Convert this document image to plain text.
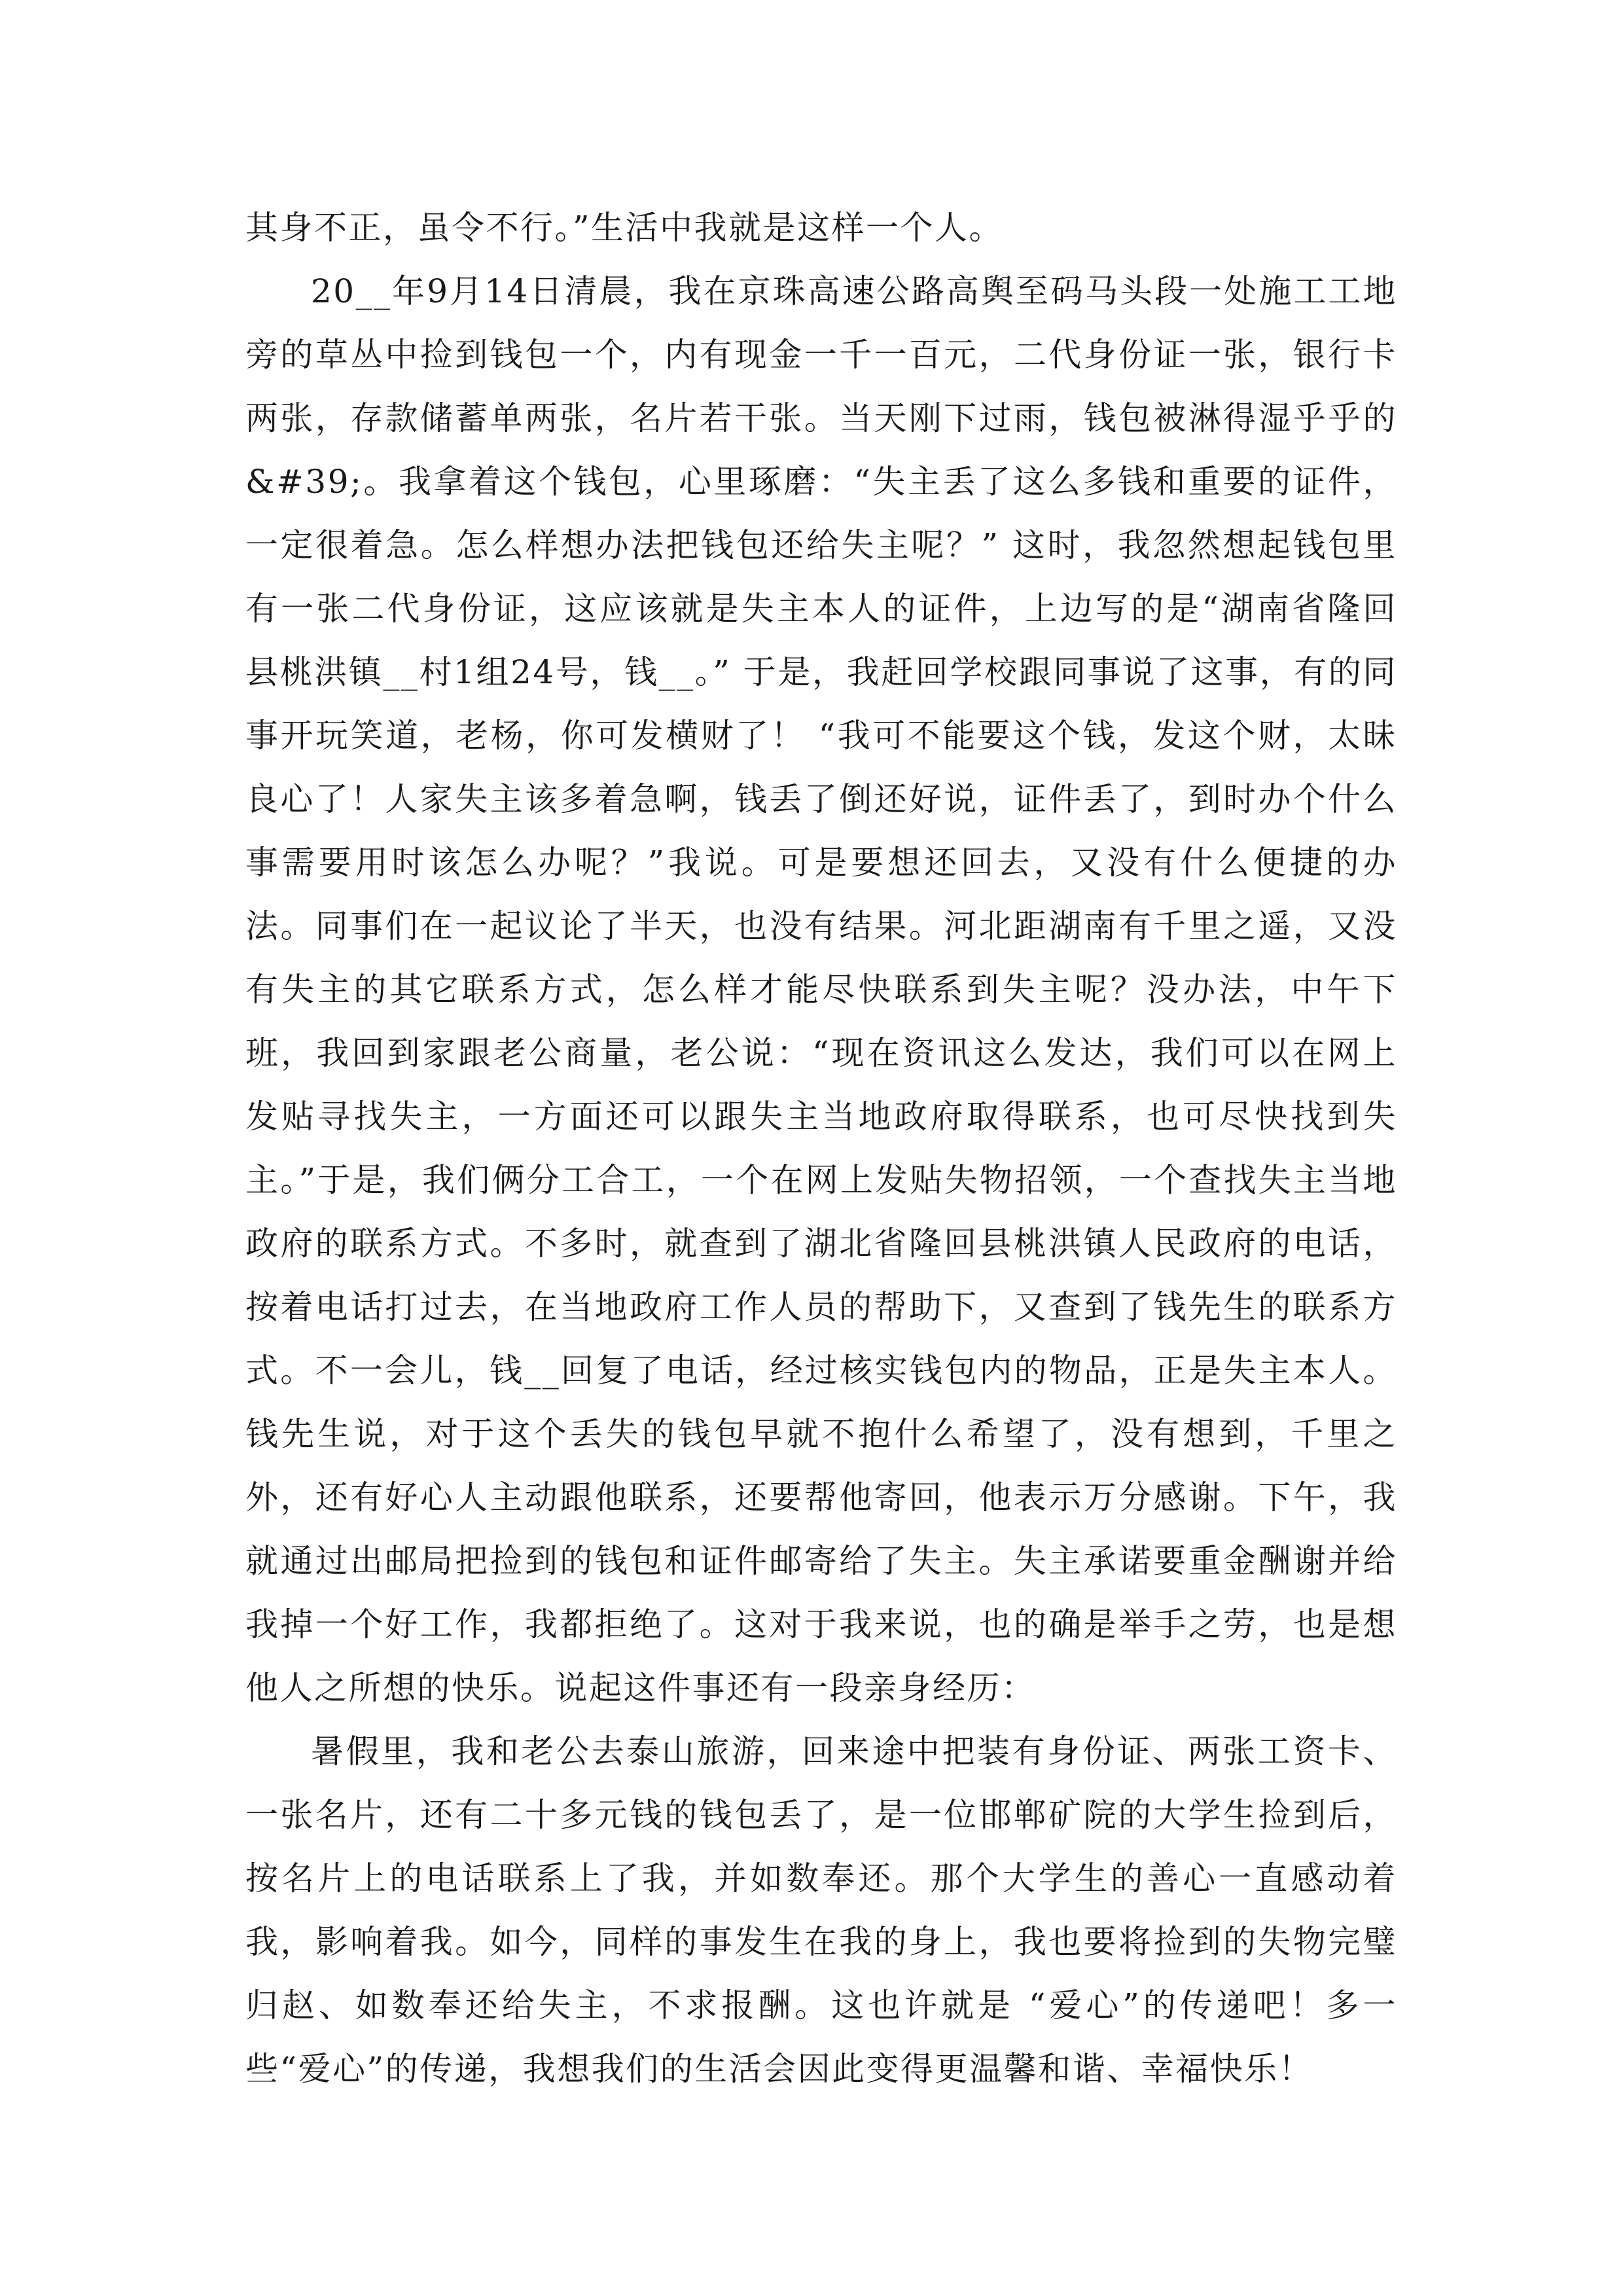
其身不正，虽令不行。”生活中我就是这样一个人。

20__年9月14日清晨，我在京珠高速公路高舆至码马头段一处施工工地旁的草丛中捡到钱包一个，内有现金一千一百元，二代身份证一张，银行卡两张，存款储蓄单两张，名片若干张。当天刚下过雨，钱包被淋得湿乎乎的&#39;。我拿着这个钱包，心里琢磨：“失主丢了这么多钱和重要的证件，一定很着急。怎么样想办法把钱包还给失主呢？” 这时，我忽然想起钱包里有一张二代身份证，这应该就是失主本人的证件，上边写的是“湖南省隆回县桃洪镇__村1组24号，钱__。” 于是，我赶回学校跟同事说了这事，有的同事开玩笑道，老杨，你可发横财了！ “我可不能要这个钱，发这个财，太昧良心了！人家失主该多着急啊，钱丢了倒还好说，证件丢了，到时办个什么事需要用时该怎么办呢？”我说。可是要想还回去，又没有什么便捷的办法。同事们在一起议论了半天，也没有结果。河北距湖南有千里之遥，又没有失主的其它联系方式，怎么样才能尽快联系到失主呢？没办法，中午下班，我回到家跟老公商量，老公说：“现在资讯这么发达，我们可以在网上发贴寻找失主，一方面还可以跟失主当地政府取得联系，也可尽快找到失主。”于是，我们俩分工合工，一个在网上发贴失物招领，一个查找失主当地政府的联系方式。不多时，就查到了湖北省隆回县桃洪镇人民政府的电话，按着电话打过去，在当地政府工作人员的帮助下，又查到了钱先生的联系方式。不一会儿，钱__回复了电话，经过核实钱包内的物品，正是失主本人。钱先生说，对于这个丢失的钱包早就不抱什么希望了，没有想到，千里之外，还有好心人主动跟他联系，还要帮他寄回，他表示万分感谢。下午，我就通过出邮局把捡到的钱包和证件邮寄给了失主。失主承诺要重金酬谢并给我掉一个好工作，我都拒绝了。这对于我来说，也的确是举手之劳，也是想他人之所想的快乐。说起这件事还有一段亲身经历：

暑假里，我和老公去泰山旅游，回来途中把装有身份证、两张工资卡、一张名片，还有二十多元钱的钱包丢了，是一位邯郸矿院的大学生捡到后，按名片上的电话联系上了我，并如数奉还。那个大学生的善心一直感动着我，影响着我。如今，同样的事发生在我的身上，我也要将捡到的失物完璧归赵、如数奉还给失主，不求报酬。这也许就是 “爱心”的传递吧！多一些“爱心”的传递，我想我们的生活会因此变得更温馨和谐、幸福快乐！
